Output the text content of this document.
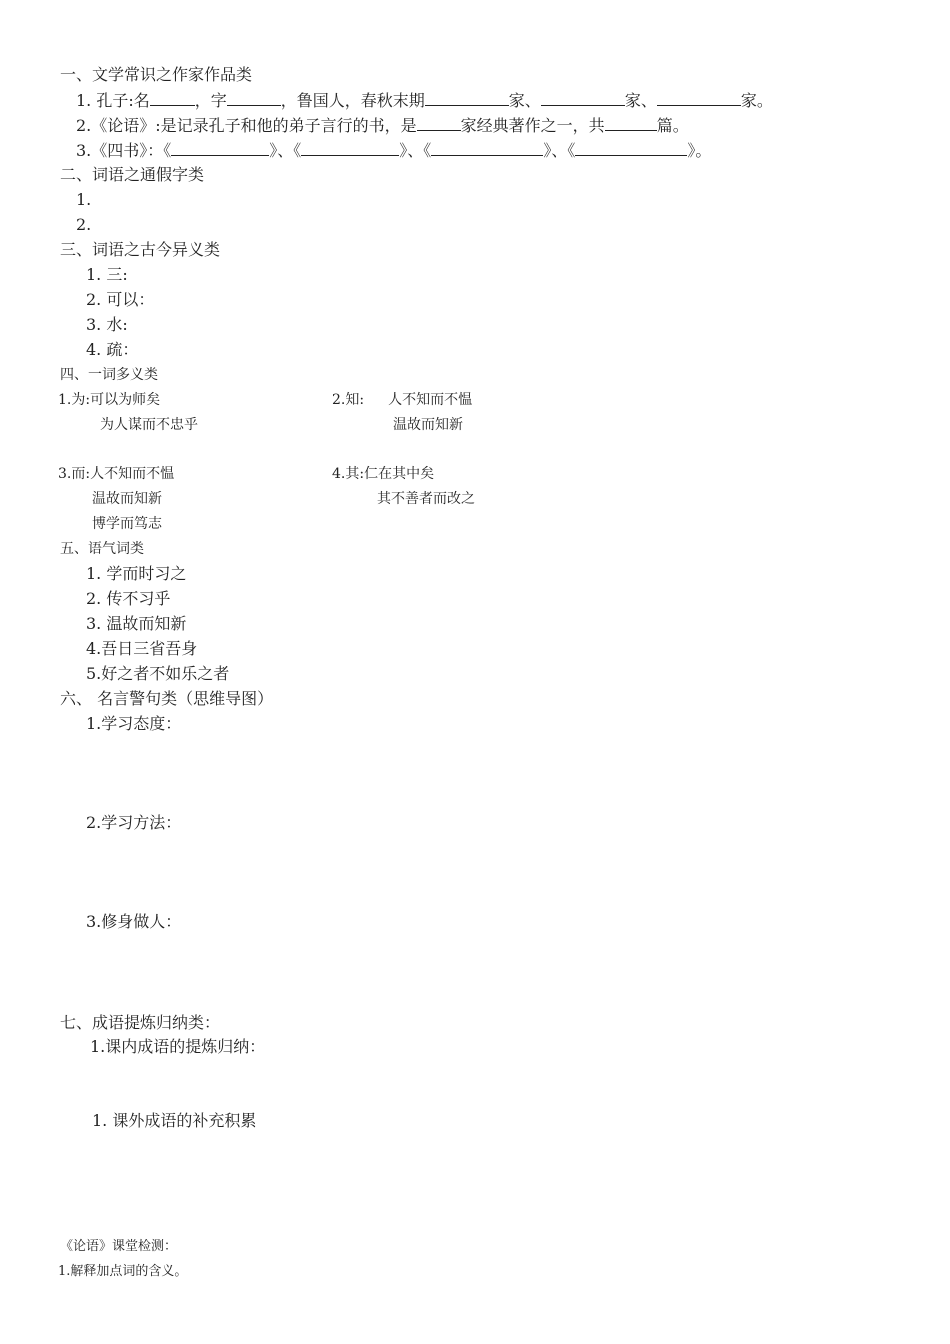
一、文学常识之作家作品类
1. 孔子:名	，字	，鲁国人，春秋末期	家、	家、	家。
2.《论语》:是记录孔子和他的弟子言行的书，是	家经典著作之一，共	篇。
3.《四书》：《	》、《	》、《	》、《	》。
二、词语之通假字类
1.
2.
三、词语之古今异义类
1. 三:
2. 可以：
3. 水:
4. 疏：
四、一词多义类
1.为:可以为师矣
为人谋而不忠乎
2.知: 人不知而不愠
温故而知新
3.而:人不知而不愠
温故而知新
博学而笃志
4.其:仁在其中矣
其不善者而改之
五、语气词类
1. 学而时习之
2. 传不习乎
3. 温故而知新
4.吾日三省吾身
5.好之者不如乐之者
六、 名言警句类（思维导图）
1.学习态度：
2.学习方法：
3.修身做人：
七、成语提炼归纳类：
1.课内成语的提炼归纳：
1. 课外成语的补充积累
《论语》课堂检测：
1.解释加点词的含义。
